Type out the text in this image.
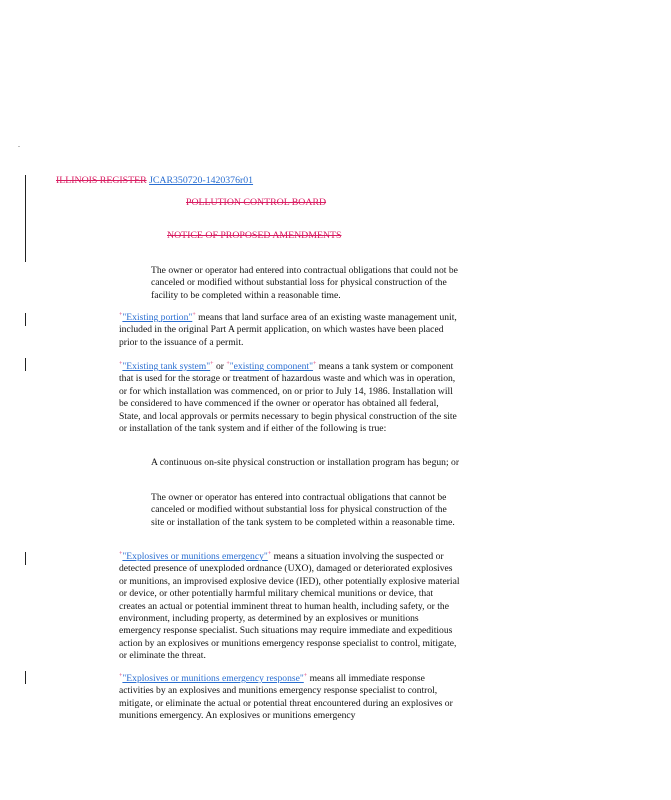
ILLINOIS REGISTER JCAR350720-1420376r01

POLLUTION CONTROL BOARD

NOTICE OF PROPOSED AMENDMENTS

The owner or operator had entered into contractual obligations that could not be canceled or modified without substantial loss for physical construction of the facility to be completed within a reasonable time.

+"Existing portion"+ means that land surface area of an existing waste management unit, included in the original Part A permit application, on which wastes have been placed prior to the issuance of a permit.

+"Existing tank system"+ or +"existing component"+ means a tank system or component that is used for the storage or treatment of hazardous waste and which was in operation, or for which installation was commenced, on or prior to July 14, 1986. Installation will be considered to have commenced if the owner or operator has obtained all federal, State, and local approvals or permits necessary to begin physical construction of the site or installation of the tank system and if either of the following is true:

A continuous on-site physical construction or installation program has begun; or

The owner or operator has entered into contractual obligations that cannot be canceled or modified without substantial loss for physical construction of the site or installation of the tank system to be completed within a reasonable time.

+"Explosives or munitions emergency"+ means a situation involving the suspected or detected presence of unexploded ordnance (UXO), damaged or deteriorated explosives or munitions, an improvised explosive device (IED), other potentially explosive material or device, or other potentially harmful military chemical munitions or device, that creates an actual or potential imminent threat to human health, including safety, or the environment, including property, as determined by an explosives or munitions emergency response specialist. Such situations may require immediate and expeditious action by an explosives or munitions emergency response specialist to control, mitigate, or eliminate the threat.

+"Explosives or munitions emergency response"+ means all immediate response activities by an explosives and munitions emergency response specialist to control, mitigate, or eliminate the actual or potential threat encountered during an explosives or munitions emergency. An explosives or munitions emergency
